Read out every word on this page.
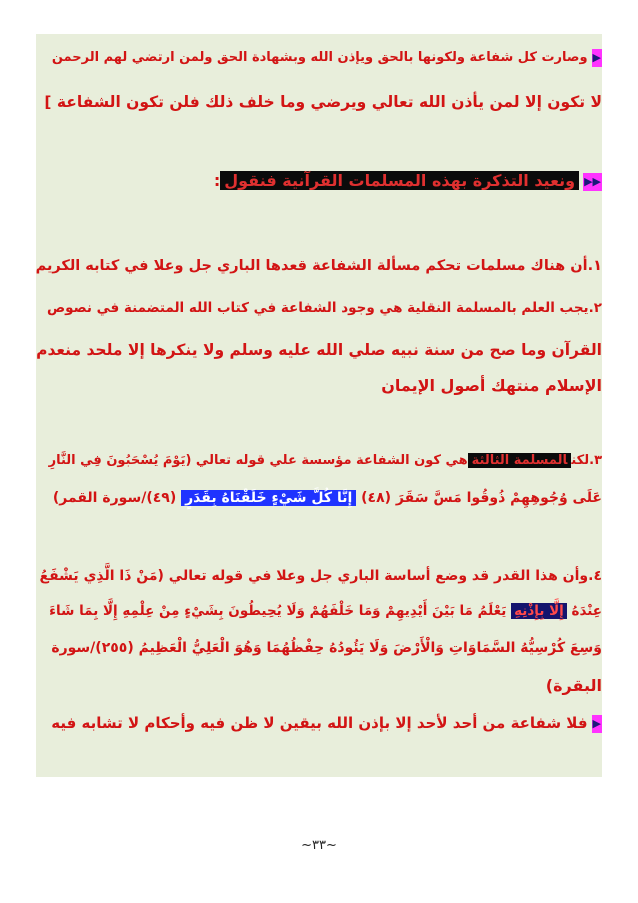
▶وصارت كل شفاعة ولكونها بالحق ويإذن الله وبشهادة الحق ولمن ارتضي لهم الرحمن
لا تكون إلا لمن يأذن الله تعالي ويرضي وما خلف ذلك فلن تكون الشفاعة ]
▶▶ونعيد التذكرة بهذه المسلمات القرآنية فنقول:
١.أن هناك مسلمات تحكم مسألة الشفاعة قعدها الباري جل وعلا في كتابه الكريم
٢.يجب العلم بالمسلمة النقلية هي وجود الشفاعة في كتاب الله المتضمنة في نصوص
القرآن وما صح من سنة نبيه صلي الله عليه وسلم ولا ينكرها إلا ملحد منعدم
الإسلام منتهك أصول الإيمان
٣.لكنالمسلمة الثالثةهي كون الشفاعة مؤسسة علي قوله تعالي (يَوْمَ يُسْحَبُونَ فِي النَّارِ
عَلَى وُجُوهِهِمْ ذُوقُوا مَسَّ سَقَرَ (٤٨) إِنَّا كُلَّ شَيْءٍ خَلَقْنَاهُ بِقَدَرٍ (٤٩)/سورة القمر)
٤.وأن هذا القدر قد وضع أساسة الباري جل وعلا في قوله تعالي (مَنْ ذَا الَّذِي يَشْفَعُ
عِنْدَهُ إِلَّا بِإِذْنِهِ يَعْلَمُ مَا بَيْنَ أَيْدِيهِمْ وَمَا خَلْفَهُمْ وَلَا يُحِيطُونَ بِشَيْءٍ مِنْ عِلْمِهِ إِلَّا بِمَا شَاءَ
وَسِعَ كُرْسِيُّهُ السَّمَاوَاتِ وَالْأَرْضَ وَلَا يَئُودُهُ حِفْظُهُمَا وَهُوَ الْعَلِيُّ الْعَظِيمُ (٢٥٥)/سورة
البقرة)
▶فلا شفاعة من أحد لأحد إلا بإذن الله بيقين لا ظن فيه وأحكام لا تشابه فيه
~٣٣~
